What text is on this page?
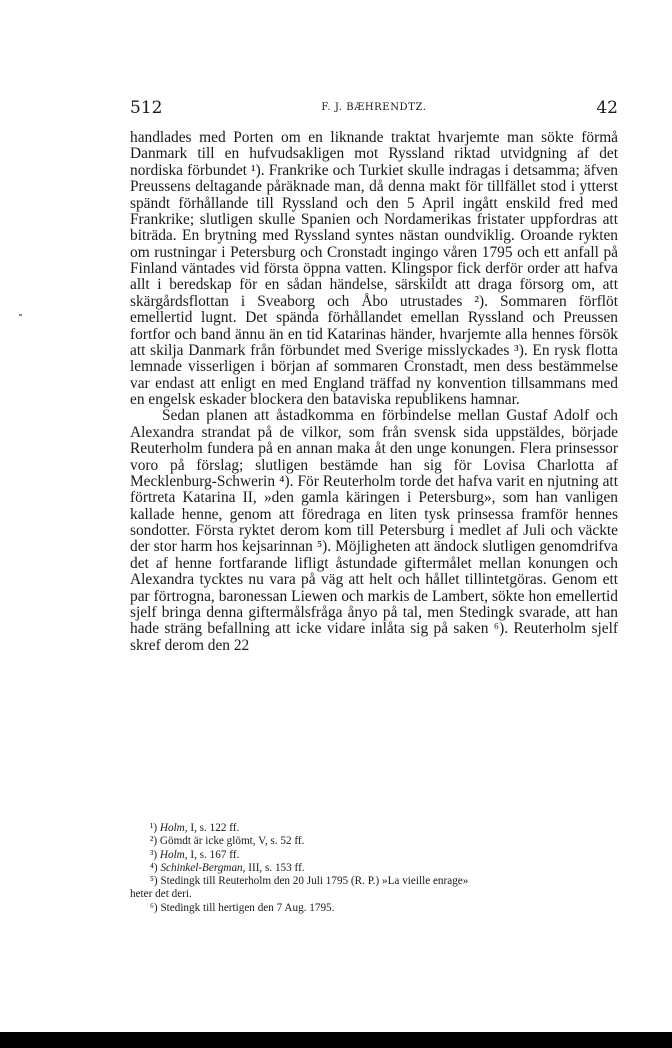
512	F. J. BÆHRENDTZ.	42

handlades med Porten om en liknande traktat hvarjemte man sökte förmå Danmark till en hufvudsakligen mot Ryssland riktad utvidgning af det nordiska förbundet ¹). Frankrike och Turkiet skulle indragas i detsamma; äfven Preussens deltagande påräknade man, då denna makt för tillfället stod i ytterst spändt förhållande till Ryssland och den 5 April ingått enskild fred med Frankrike; slutligen skulle Spanien och Nordamerikas fristater uppfordras att biträda. En brytning med Ryssland syntes nästan oundviklig. Oroande rykten om rustningar i Petersburg och Cronstadt ingingo våren 1795 och ett anfall på Finland väntades vid första öppna vatten. Klingspor fick derför order att hafva allt i beredskap för en sådan händelse, särskildt att draga försorg om, att skärgårdsflottan i Sveaborg och Åbo utrustades ²). Sommaren förflöt emellertid lugnt. Det spända förhållandet emellan Ryssland och Preussen fortfor och band ännu än en tid Katarinas händer, hvarjemte alla hennes försök att skilja Danmark från förbundet med Sverige misslyckades ³). En rysk flotta lemnade visserligen i början af sommaren Cronstadt, men dess bestämmelse var endast att enligt en med England träffad ny konvention tillsammans med en engelsk eskader blockera den bataviska republikens hamnar.

Sedan planen att åstadkomma en förbindelse mellan Gustaf Adolf och Alexandra strandat på de vilkor, som från svensk sida uppstäldes, började Reuterholm fundera på en annan maka åt den unge konungen. Flera prinsessor voro på förslag; slutligen bestämde han sig för Lovisa Charlotta af Mecklenburg-Schwerin ⁴). För Reuterholm torde det hafva varit en njutning att förtreta Katarina II, »den gamla käringen i Petersburg», som han vanligen kallade henne, genom att föredraga en liten tysk prinsessa framför hennes sondotter. Första ryktet derom kom till Petersburg i medlet af Juli och väckte der stor harm hos kejsarinnan ⁵). Möjligheten att ändock slutligen genomdrifva det af henne fortfarande lifligt åstundade giftermålet mellan konungen och Alexandra tycktes nu vara på väg att helt och hållet tillintetgöras. Genom ett par förtrogna, baronessan Liewen och markis de Lambert, sökte hon emellertid sjelf bringa denna giftermålsfråga ånyo på tal, men Stedingk svarade, att han hade sträng befallning att icke vidare inlåta sig på saken ⁶). Reuterholm sjelf skref derom den 22

¹) Holm, I, s. 122 ff.

²) Gömdt är icke glömt, V, s. 52 ff.

³) Holm, I, s. 167 ff.

⁴) Schinkel-Bergman, III, s. 153 ff.

⁵) Stedingk till Reuterholm den 20 Juli 1795 (R. P.) »La vieille enrage»

heter det deri.

⁶) Stedingk till hertigen den 7 Aug. 1795.
